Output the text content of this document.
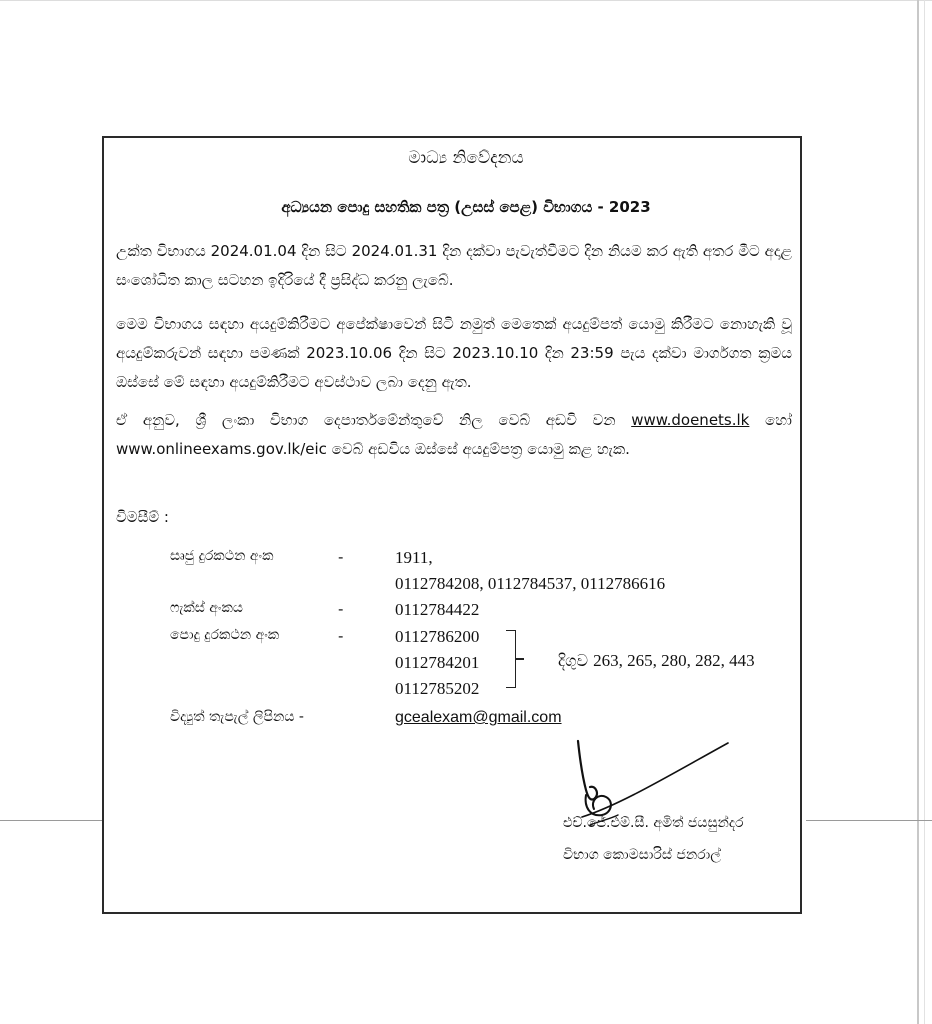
මාධ්‍ය නිවේදනය
අධ්‍යයන පොදු සහතික පත්‍ර (උසස් පෙළ) විභාගය - 2023
උක්ත විභාගය 2024.01.04 දින සිට 2024.01.31 දින දක්වා පැවැත්වීමට දින නියම කර ඇති අතර මීට අදාළ සංශෝධිත කාල සටහන ඉදිරියේ දී ප්‍රසිද්ධ කරනු ලැබේ.
මෙම විභාගය සඳහා අයදුම්කිරීමට අපේක්ෂාවෙන් සිටි නමුත් මෙතෙක් අයදුම්පත් යොමු කිරීමට නොහැකි වූ අයදුම්කරුවන් සඳහා පමණක් 2023.10.06 දින සිට 2023.10.10 දින 23:59 පැය දක්වා මාර්ගගත ක්‍රමය ඔස්සේ මේ සඳහා අයදුම්කිරීමට අවස්ථාව ලබා දෙනු ඇත.
ඒ අනුව, ශ්‍රී ලංකා විභාග දෙපාර්තමේන්තුවේ නිල වෙබ් අඩවි වන www.doenets.lk හෝ www.onlineexams.gov.lk/eic වෙබ් අඩවිය ඔස්සේ අයදුම්පත්‍ර යොමු කළ හැක.
විමසීම් :
සෘජු දුරකථන අංක	-	1911,
0112784208, 0112784537, 0112786616
ෆැක්ස් අංකය	-	0112784422
පොදු දුරකථන අංක	-	0112786200
0112784201
0112785202
දිගුව 263, 265, 280, 282, 443
විද්‍යුත් තැපැල් ලිපිනය -	gcealexam@gmail.com
එච්.ජේ.එම්.සී. අමිත් ජයසුන්දර
විභාග කොමසාරිස් ජනරාල්
